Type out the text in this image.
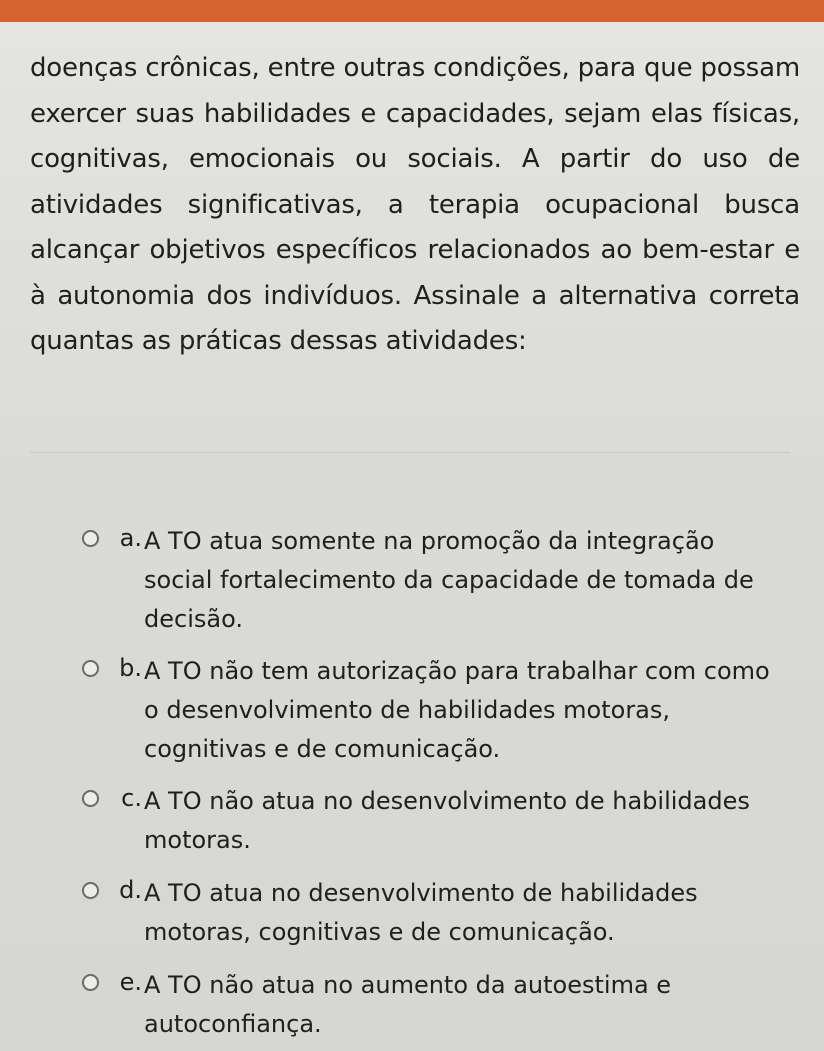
doenças crônicas, entre outras condições, para que possam exercer suas habilidades e capacidades, sejam elas físicas, cognitivas, emocionais ou sociais. A partir do uso de atividades significativas, a terapia ocupacional busca alcançar objetivos específicos relacionados ao bem-estar e à autonomia dos indivíduos. Assinale a alternativa correta quantas as práticas dessas atividades:

a. A TO atua somente na promoção da integração social fortalecimento da capacidade de tomada de decisão.

b. A TO não tem autorização para trabalhar com como o desenvolvimento de habilidades motoras, cognitivas e de comunicação.

c. A TO não atua no desenvolvimento de habilidades motoras.

d. A TO atua no desenvolvimento de habilidades motoras, cognitivas e de comunicação.

e. A TO não atua no aumento da autoestima e autoconfiança.
